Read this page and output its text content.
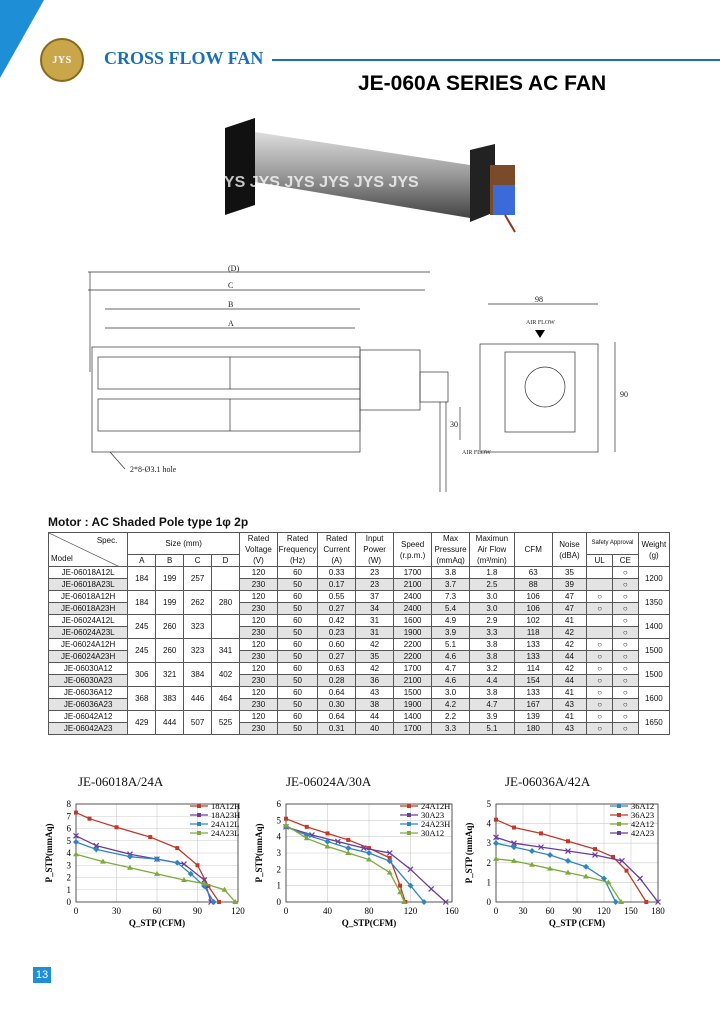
JYS CROSS FLOW FAN
JE-060A SERIES AC FAN
JYS JYS JYS JYS JYS JYS
(D)
C
B
A
2*8-Ø3.1 hole
98
90
30
AIR FLOW
AIR FLOW
Motor : AC Shaded Pole type 1φ 2p
Spec.
Model	Size (mm)				Rated Voltage (V)	Rated Frequency (Hz)	Rated Current (A)	Input Power (W)	Speed (r.p.m.)	Max Pressure (mmAq)	Maximun Air Flow (m³/min)	CFM	Noise (dBA)	Safety Approval		Weight (g)
	A	B	C	D										UL	CE	
JE-06018A12L	184	199	257		120	60	0.33	23	1700	3.8	1.8	63	35		○	1200
JE-06018A23L					230	50	0.17	23	2100	3.7	2.5	88	39		○	
JE-06018A12H	184	199	262	280	120	60	0.55	37	2400	7.3	3.0	106	47	○	○	1350
JE-06018A23H					230	50	0.27	34	2400	5.4	3.0	106	47	○	○	
JE-06024A12L	245	260	323		120	60	0.42	31	1600	4.9	2.9	102	41		○	1400
JE-06024A23L					230	50	0.23	31	1900	3.9	3.3	118	42		○	
JE-06024A12H	245	260	323	341	120	60	0.60	42	2200	5.1	3.8	133	42	○	○	1500
JE-06024A23H					230	50	0.27	35	2200	4.6	3.8	133	44	○	○	
JE-06030A12	306	321	384	402	120	60	0.63	42	1700	4.7	3.2	114	42	○	○	1500
JE-06030A23					230	50	0.28	36	2100	4.6	4.4	154	44	○	○	
JE-06036A12	368	383	446	464	120	60	0.64	43	1500	3.0	3.8	133	41	○	○	1600
JE-06036A23					230	50	0.30	38	1900	4.2	4.7	167	43	○	○	
JE-06042A12	429	444	507	525	120	60	0.64	44	1400	2.2	3.9	139	41	○	○	1650
JE-06042A23					230	50	0.31	40	1700	3.3	5.1	180	43	○	○	
JE-06018A/24A	JE-06024A/30A	JE-06036A/42A
0	30	60	90	120
0
1
2
3
4
5
6
7
8
Q_STP (CFM)
P_STP(mmAq)
18A12H
18A23H
24A12L
24A23L
0	40	80	120	160
0
1
2
3
4
5
6
Q_STP(CFM)
P_STP(mmAq)
24A12H
30A23
24A23H
30A12
0 30 60 90 120 150 180
0
1
2
3
4
5
Q_STP (CFM)
P_STP (mmAq)
36A12
36A23
42A12
42A23
13
